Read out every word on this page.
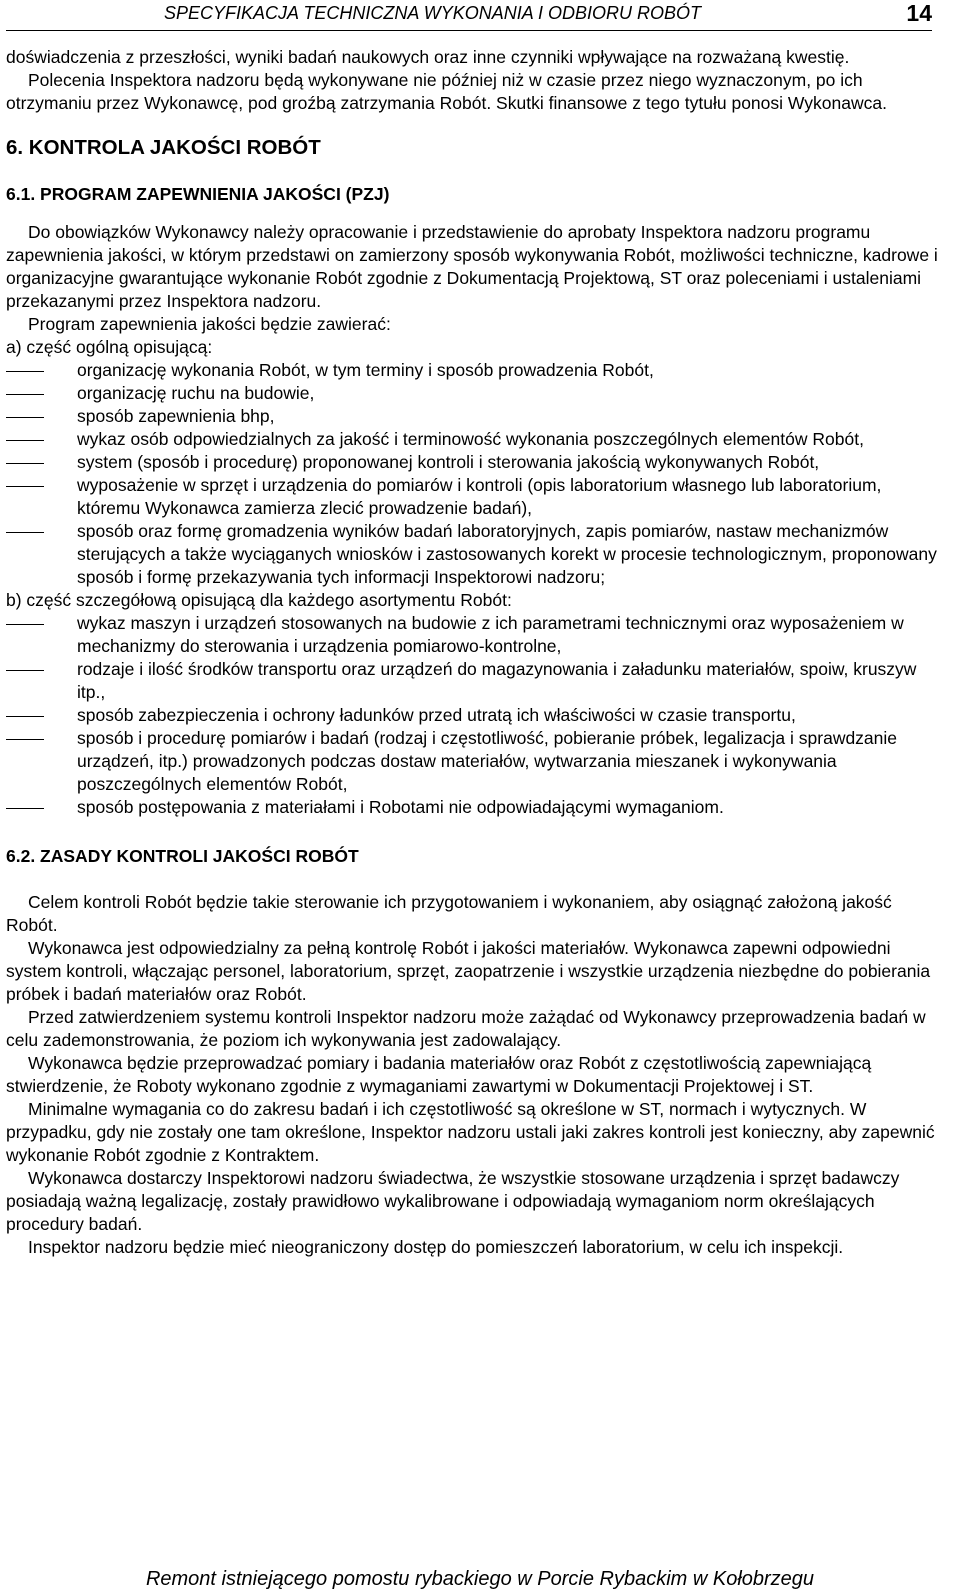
SPECYFIKACJA TECHNICZNA WYKONANIA I ODBIORU ROBÓT	14

doświadczenia z przeszłości, wyniki badań naukowych oraz inne czynniki wpływające na rozważaną kwestię.

Polecenia Inspektora nadzoru będą wykonywane nie później niż w czasie przez niego wyznaczonym, po ich otrzymaniu przez Wykonawcę, pod groźbą zatrzymania Robót. Skutki finansowe z tego tytułu ponosi Wykonawca.

6. KONTROLA JAKOŚCI ROBÓT

6.1. PROGRAM ZAPEWNIENIA JAKOŚCI (PZJ)

Do obowiązków Wykonawcy należy opracowanie i przedstawienie do aprobaty Inspektora nadzoru programu zapewnienia jakości, w którym przedstawi on zamierzony sposób wykonywania Robót, możliwości techniczne, kadrowe i organizacyjne gwarantujące wykonanie Robót zgodnie z Dokumentacją Projektową, ST oraz poleceniami i ustaleniami przekazanymi przez Inspektora nadzoru.

Program zapewnienia jakości będzie zawierać:

a) część ogólną opisującą:

organizację wykonania Robót, w tym terminy i sposób prowadzenia Robót,
organizację ruchu na budowie,
sposób zapewnienia bhp,
wykaz osób odpowiedzialnych za jakość i terminowość wykonania poszczególnych elementów Robót,
system (sposób i procedurę) proponowanej kontroli i sterowania jakością wykonywanych Robót,
wyposażenie w sprzęt i urządzenia do pomiarów i kontroli (opis laboratorium własnego lub laboratorium, któremu Wykonawca zamierza zlecić prowadzenie badań),
sposób oraz formę gromadzenia wyników badań laboratoryjnych, zapis pomiarów, nastaw mechanizmów sterujących a także wyciąganych wniosków i zastosowanych korekt w procesie technologicznym, proponowany sposób i formę przekazywania tych informacji Inspektorowi nadzoru;

b) część szczegółową opisującą dla każdego asortymentu Robót:

wykaz maszyn i urządzeń stosowanych na budowie z ich parametrami technicznymi oraz wyposażeniem w mechanizmy do sterowania i urządzenia pomiarowo-kontrolne,
rodzaje i ilość środków transportu oraz urządzeń do magazynowania i załadunku materiałów, spoiw, kruszyw itp.,
sposób zabezpieczenia i ochrony ładunków przed utratą ich właściwości w czasie transportu,
sposób i procedurę pomiarów i badań (rodzaj i częstotliwość, pobieranie próbek, legalizacja i sprawdzanie urządzeń, itp.) prowadzonych podczas dostaw materiałów, wytwarzania mieszanek i wykonywania poszczególnych elementów Robót,
sposób postępowania z materiałami i Robotami nie odpowiadającymi wymaganiom.

6.2. ZASADY KONTROLI JAKOŚCI ROBÓT

Celem kontroli Robót będzie takie sterowanie ich przygotowaniem i wykonaniem, aby osiągnąć założoną jakość Robót.

Wykonawca jest odpowiedzialny za pełną kontrolę Robót i jakości materiałów. Wykonawca zapewni odpowiedni system kontroli, włączając personel, laboratorium, sprzęt, zaopatrzenie i wszystkie urządzenia niezbędne do pobierania próbek i badań materiałów oraz Robót.

Przed zatwierdzeniem systemu kontroli Inspektor nadzoru może zażądać od Wykonawcy przeprowadzenia badań w celu zademonstrowania, że poziom ich wykonywania jest zadowalający.

Wykonawca będzie przeprowadzać pomiary i badania materiałów oraz Robót z częstotliwością zapewniającą stwierdzenie, że Roboty wykonano zgodnie z wymaganiami zawartymi w Dokumentacji Projektowej i ST.

Minimalne wymagania co do zakresu badań i ich częstotliwość są określone w ST, normach i wytycznych. W przypadku, gdy nie zostały one tam określone, Inspektor nadzoru ustali jaki zakres kontroli jest konieczny, aby zapewnić wykonanie Robót zgodnie z Kontraktem.

Wykonawca dostarczy Inspektorowi nadzoru świadectwa, że wszystkie stosowane urządzenia i sprzęt badawczy posiadają ważną legalizację, zostały prawidłowo wykalibrowane i odpowiadają wymaganiom norm określających procedury badań.

Inspektor nadzoru będzie mieć nieograniczony dostęp do pomieszczeń laboratorium, w celu ich inspekcji.

Remont istniejącego pomostu rybackiego w Porcie Rybackim w Kołobrzegu
